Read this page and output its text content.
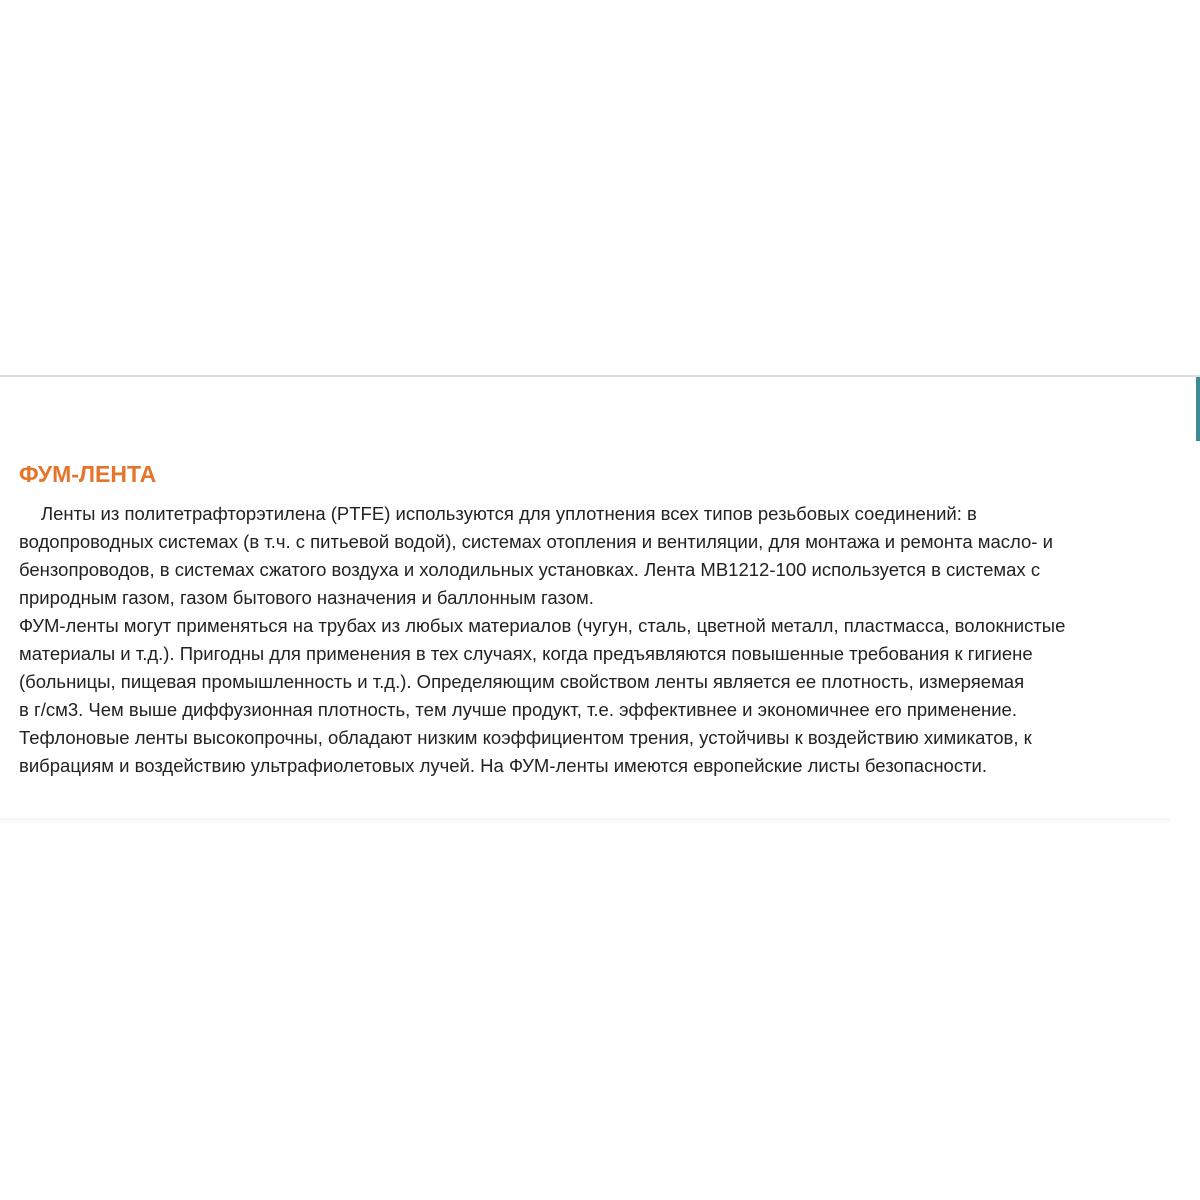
ФУМ-ЛЕНТА

Ленты из политетрафторэтилена (PTFE) используются для уплотнения всех типов резьбовых соединений: в
водопроводных системах (в т.ч. с питьевой водой), системах отопления и вентиляции, для монтажа и ремонта масло- и
бензопроводов, в системах сжатого воздуха и холодильных установках. Лента МВ1212-100 используется в системах с
природным газом, газом бытового назначения и баллонным газом.
ФУМ-ленты могут применяться на трубах из любых материалов (чугун, сталь, цветной металл, пластмасса, волокнистые
материалы и т.д.). Пригодны для применения в тех случаях, когда предъявляются повышенные требования к гигиене
(больницы, пищевая промышленность и т.д.). Определяющим свойством ленты является ее плотность, измеряемая
в г/см3. Чем выше диффузионная плотность, тем лучше продукт, т.е. эффективнее и экономичнее его применение.
Тефлоновые ленты высокопрочны, обладают низким коэффициентом трения, устойчивы к воздействию химикатов, к
вибрациям и воздействию ультрафиолетовых лучей. На ФУМ-ленты имеются европейские листы безопасности.
